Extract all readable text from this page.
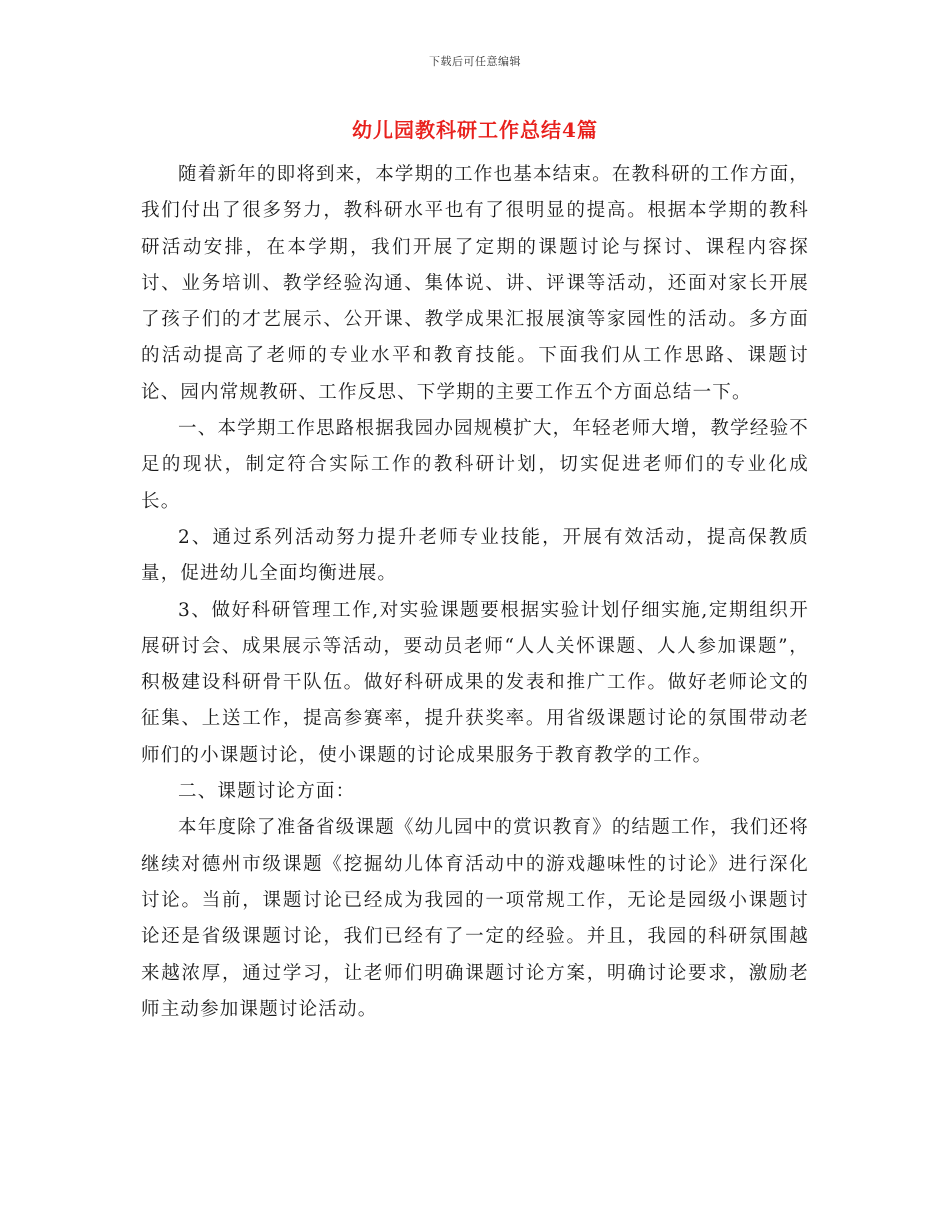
下载后可任意编辑
幼儿园教科研工作总结4篇

随着新年的即将到来，本学期的工作也基本结束。在教科研的工作方面，我们付出了很多努力，教科研水平也有了很明显的提高。根据本学期的教科研活动安排，在本学期，我们开展了定期的课题讨论与探讨、课程内容探讨、业务培训、教学经验沟通、集体说、讲、评课等活动，还面对家长开展了孩子们的才艺展示、公开课、教学成果汇报展演等家园性的活动。多方面的活动提高了老师的专业水平和教育技能。下面我们从工作思路、课题讨论、园内常规教研、工作反思、下学期的主要工作五个方面总结一下。

一、本学期工作思路根据我园办园规模扩大，年轻老师大增，教学经验不足的现状，制定符合实际工作的教科研计划，切实促进老师们的专业化成长。

2、通过系列活动努力提升老师专业技能，开展有效活动，提高保教质量，促进幼儿全面均衡进展。

3、做好科研管理工作,对实验课题要根据实验计划仔细实施,定期组织开展研讨会、成果展示等活动，要动员老师“人人关怀课题、人人参加课题”，积极建设科研骨干队伍。做好科研成果的发表和推广工作。做好老师论文的征集、上送工作，提高参赛率，提升获奖率。用省级课题讨论的氛围带动老师们的小课题讨论，使小课题的讨论成果服务于教育教学的工作。

二、课题讨论方面：

本年度除了准备省级课题《幼儿园中的赏识教育》的结题工作，我们还将继续对德州市级课题《挖掘幼儿体育活动中的游戏趣味性的讨论》进行深化讨论。当前，课题讨论已经成为我园的一项常规工作，无论是园级小课题讨论还是省级课题讨论，我们已经有了一定的经验。并且，我园的科研氛围越来越浓厚，通过学习，让老师们明确课题讨论方案，明确讨论要求，激励老师主动参加课题讨论活动。
